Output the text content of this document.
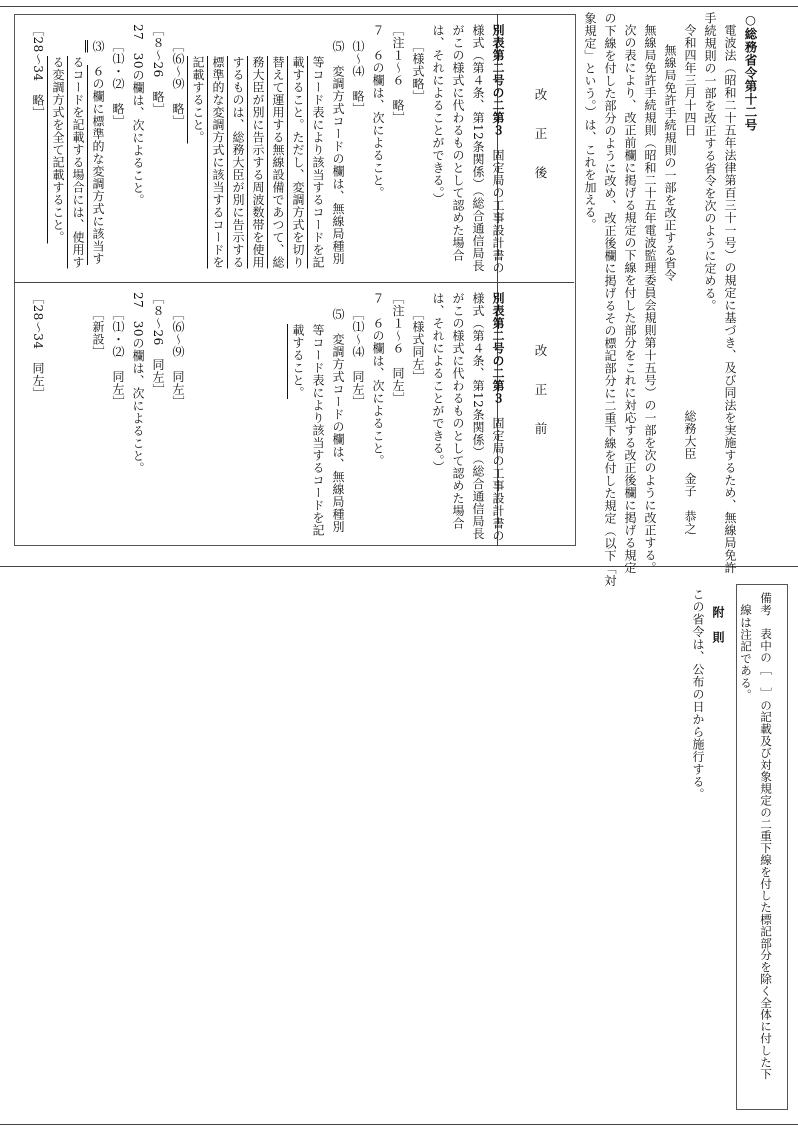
○総務省令第十二号
電波法（昭和二十五年法律第百三十一号）の規定に基づき、及び同法を実施するため、無線局免許
手続規則の一部を改正する省令を次のように定める。
令和四年三月十四日
総務大臣　金子　恭之
無線局免許手続規則の一部を改正する省令
無線局免許手続規則（昭和二十五年電波監理委員会規則第十五号）の一部を次のように改正する。
次の表により、改正前欄に掲げる規定の下線を付した部分をこれに対応する改正後欄に掲げる規定
の下線を付した部分のように改め、改正後欄に掲げるその標記部分に二重下線を付した規定（以下「対
象規定」という。）は、これを加える。
改　　正　　後
改　　正　　前
別表第二号の二第３　固定局の工事設計書の
様式（第４条、第12条関係）（総合通信局長
がこの様式に代わるものとして認めた場合
は、それによることができる。）
［様式略］
［注１～６　略］
７　６の欄は、次によること。
⑴～⑷　略］
⑸　変調方式コードの欄は、無線局種別
等コード表により該当するコードを記
載すること。ただし、変調方式を切り
替えて運用する無線設備であつて、総
務大臣が別に告示する周波数帯を使用
するものは、総務大臣が別に告示する
標準的な変調方式に該当するコードを
記載すること。
［⑹～⑼　略］
［８～26　略］
27　30の欄は、次によること。
［⑴・⑵　略］
⑶　６の欄に標準的な変調方式に該当す
るコードを記載する場合には、使用す
る変調方式を全て記載すること。
［28～34　略］
別表第二号の二第３　固定局の工事設計書の
様式（第４条、第12条関係）（総合通信局長
がこの様式に代わるものとして認めた場合
は、それによることができる。）
［様式同左］
［注１～６　同左］
７　６の欄は、次によること。
［⑴～⑷　同左］
⑸　変調方式コードの欄は、無線局種別
等コード表により該当するコードを記
載すること。
［⑹～⑼　同左］
［８～26　同左］
27　30の欄は、次によること。
［⑴・⑵　同左］
［新設］
［28～34　同左］
備考　表中の［　］の記載及び対象規定の二重下線を付した標記部分を除く全体に付した下
線は注記である。
附　則
この省令は、公布の日から施行する。
